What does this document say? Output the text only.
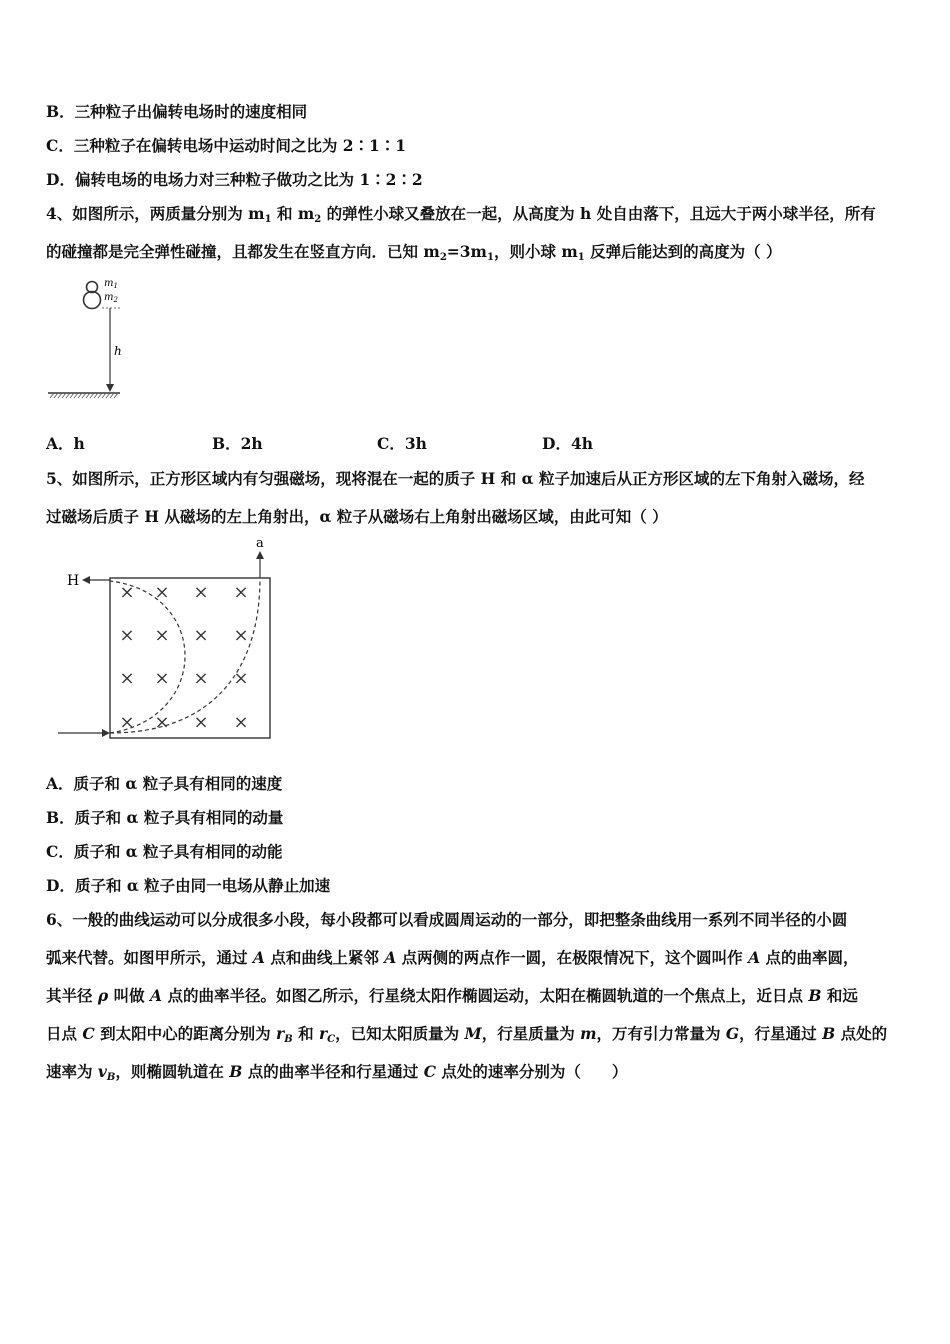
B．三种粒子出偏转电场时的速度相同
C．三种粒子在偏转电场中运动时间之比为 2∶1∶1
D．偏转电场的电场力对三种粒子做功之比为 1∶2∶2
4、如图所示，两质量分别为 $m_1$ 和 $m_2$ 的弹性小球又叠放在一起，从高度为 h 处自由落下，且远大于两小球半径，所有
的碰撞都是完全弹性碰撞，且都发生在竖直方向．已知 $m_2=3m_1$，则小球 $m_1$ 反弹后能达到的高度为（ ）
$m_1$
$m_2$
h
A．h	B．2h	C．3h	D．4h
5、如图所示，正方形区域内有匀强磁场，现将混在一起的质子 H 和 α 粒子加速后从正方形区域的左下角射入磁场，经
过磁场后质子 H 从磁场的左上角射出，α 粒子从磁场右上角射出磁场区域，由此可知（ ）
× × × ×
× × × ×
× × × ×
× × × ×
H
a
A．质子和 α 粒子具有相同的速度
B．质子和 α 粒子具有相同的动量
C．质子和 α 粒子具有相同的动能
D．质子和 α 粒子由同一电场从静止加速
6、一般的曲线运动可以分成很多小段，每小段都可以看成圆周运动的一部分，即把整条曲线用一系列不同半径的小圆
弧来代替。如图甲所示，通过 A 点和曲线上紧邻 A 点两侧的两点作一圆，在极限情况下，这个圆叫作 A 点的曲率圆，
其半径 ρ 叫做 A 点的曲率半径。如图乙所示，行星绕太阳作椭圆运动，太阳在椭圆轨道的一个焦点上，近日点 B 和远
日点 C 到太阳中心的距离分别为 $r_B$ 和 $r_C$，已知太阳质量为 M，行星质量为 m，万有引力常量为 G，行星通过 B 点处的
速率为 $v_B$，则椭圆轨道在 B 点的曲率半径和行星通过 C 点处的速率分别为（　　）
